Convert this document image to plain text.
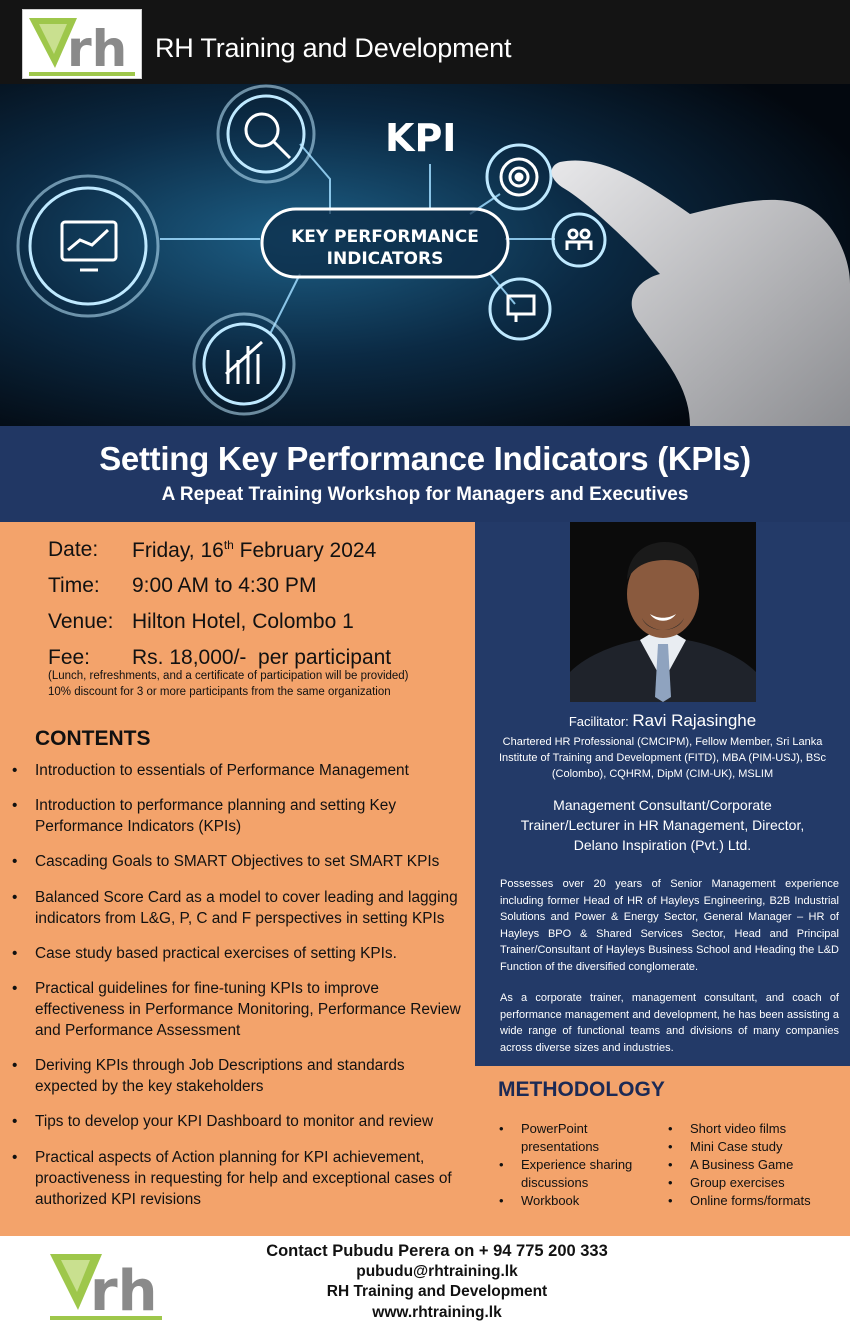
rh RH Training and Development
KPI
KEY PERFORMANCE
INDICATORS
Setting Key Performance Indicators (KPIs)
A Repeat Training Workshop for Managers and Executives
Date:	Friday, 16th February 2024
Time:	9:00 AM to 4:30 PM
Venue: Hilton Hotel, Colombo 1
Fee:	Rs. 18,000/-  per participant
(Lunch, refreshments, and a certificate of participation will be provided)
10% discount for 3 or more participants from the same organization
CONTENTS
• Introduction to essentials of Performance Management
• Introduction to performance planning and setting Key Performance Indicators (KPIs)
• Cascading Goals to SMART Objectives to set SMART KPIs
• Balanced Score Card as a model to cover leading and lagging indicators from L&G, P, C and F perspectives in setting KPIs
• Case study based practical exercises of setting KPIs.
• Practical guidelines for fine-tuning KPIs to improve effectiveness in Performance Monitoring, Performance Review and Performance Assessment
• Deriving KPIs through Job Descriptions and standards expected by the key stakeholders
• Tips to develop your KPI Dashboard to monitor and review
• Practical aspects of Action planning for KPI achievement, proactiveness in requesting for help and exceptional cases of authorized KPI revisions
Facilitator: Ravi Rajasinghe
Chartered HR Professional (CMCIPM), Fellow Member, Sri Lanka Institute of Training and Development (FITD), MBA (PIM-USJ), BSc (Colombo), CQHRM, DipM (CIM-UK), MSLIM
Management Consultant/Corporate Trainer/Lecturer in HR Management, Director, Delano Inspiration (Pvt.) Ltd.
Possesses over 20 years of Senior Management experience including former Head of HR of Hayleys Engineering, B2B Industrial Solutions and Power & Energy Sector, General Manager – HR of Hayleys BPO & Shared Services Sector, Head and Principal Trainer/Consultant of Hayleys Business School and Heading the L&D Function of the diversified conglomerate.
As a corporate trainer, management consultant, and coach of performance management and development, he has been assisting a wide range of functional teams and divisions of many companies across diverse sizes and industries.
METHODOLOGY
• PowerPoint presentations
• Experience sharing discussions
• Workbook
• Short video films
• Mini Case study
• A Business Game
• Group exercises
• Online forms/formats
rh
Contact Pubudu Perera on + 94 775 200 333
pubudu@rhtraining.lk
RH Training and Development
www.rhtraining.lk
